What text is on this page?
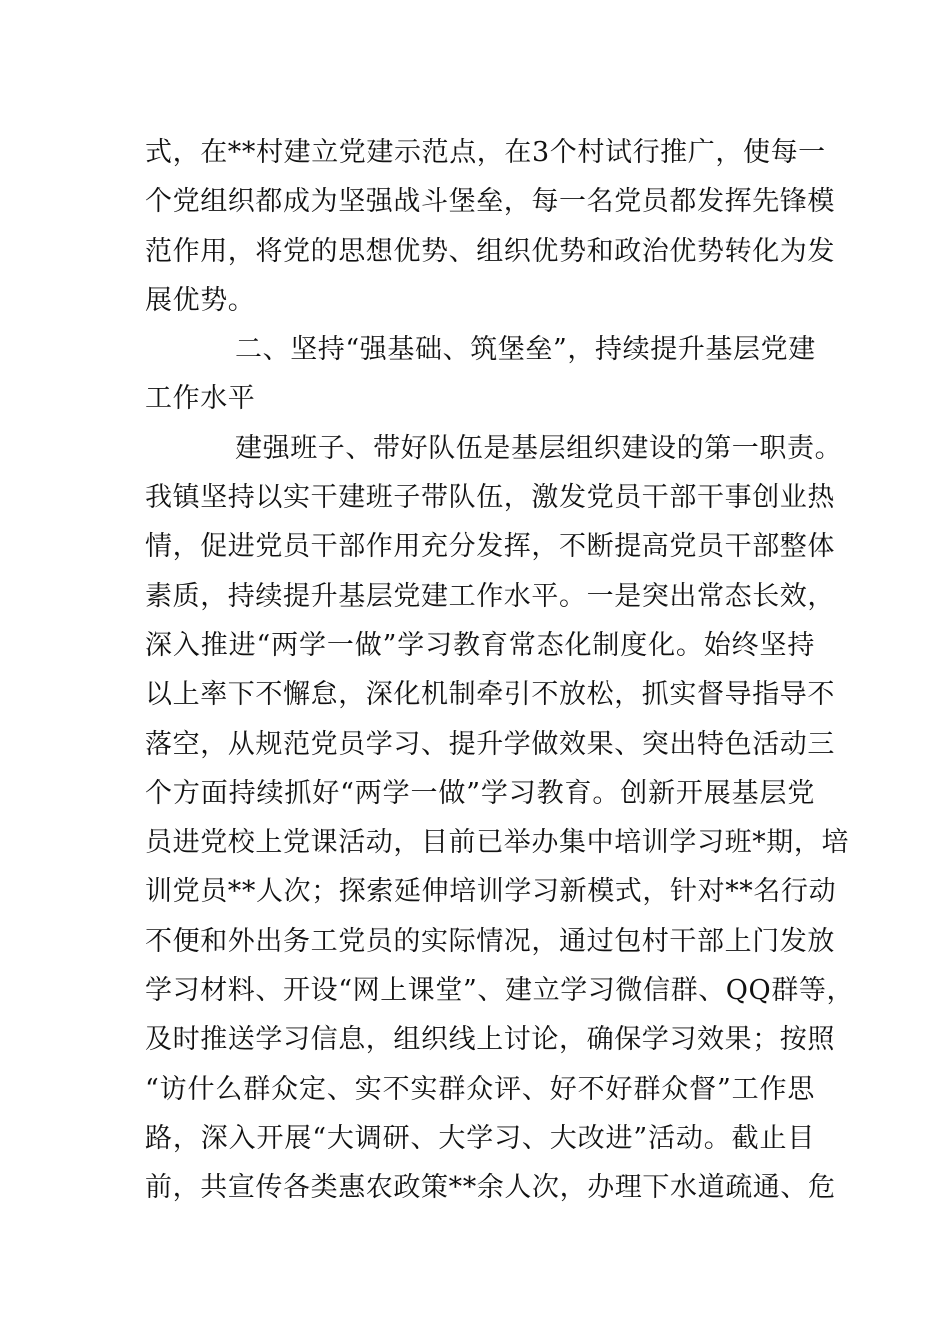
式，在**村建立党建示范点，在3个村试行推广，使每一
个党组织都成为坚强战斗堡垒，每一名党员都发挥先锋模
范作用，将党的思想优势、组织优势和政治优势转化为发
展优势。
二、坚持“强基础、筑堡垒”，持续提升基层党建
工作水平
建强班子、带好队伍是基层组织建设的第一职责。
我镇坚持以实干建班子带队伍，激发党员干部干事创业热
情，促进党员干部作用充分发挥，不断提高党员干部整体
素质，持续提升基层党建工作水平。一是突出常态长效，
深入推进“两学一做”学习教育常态化制度化。始终坚持
以上率下不懈怠，深化机制牵引不放松，抓实督导指导不
落空，从规范党员学习、提升学做效果、突出特色活动三
个方面持续抓好“两学一做”学习教育。创新开展基层党
员进党校上党课活动，目前已举办集中培训学习班*期，培
训党员**人次；探索延伸培训学习新模式，针对**名行动
不便和外出务工党员的实际情况，通过包村干部上门发放
学习材料、开设“网上课堂”、建立学习微信群、QQ群等，
及时推送学习信息，组织线上讨论，确保学习效果；按照
“访什么群众定、实不实群众评、好不好群众督”工作思
路，深入开展“大调研、大学习、大改进”活动。截止目
前，共宣传各类惠农政策**余人次，办理下水道疏通、危
